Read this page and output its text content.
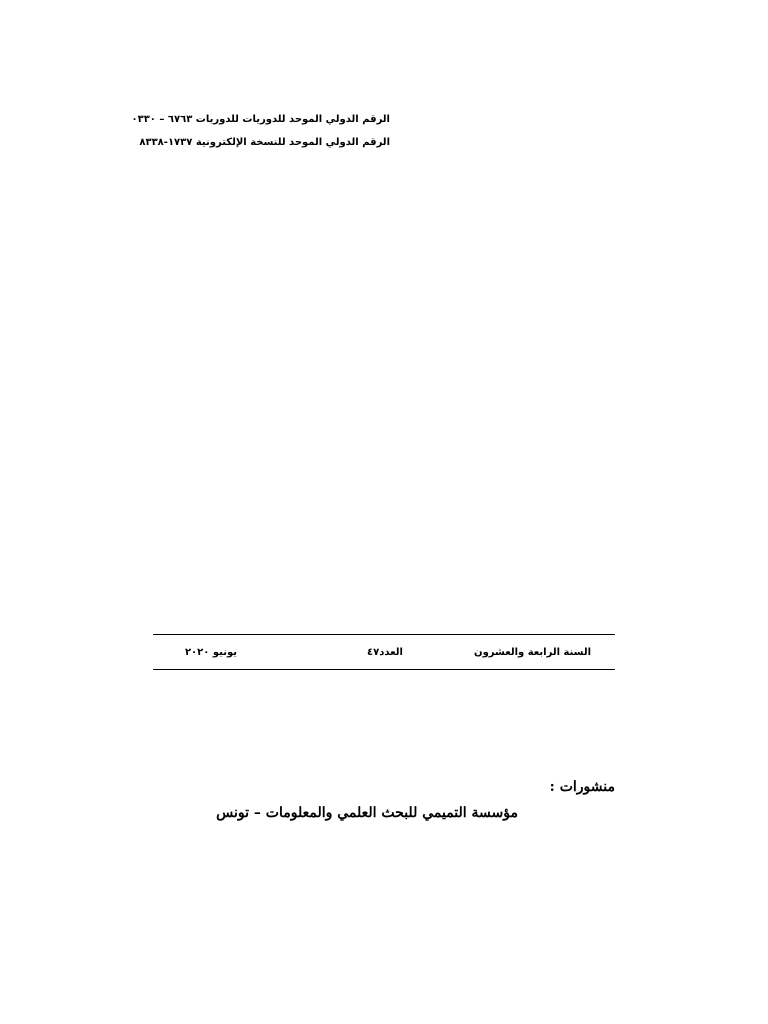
الرقم الدولي الموحد للدوريات للدوريات ٦٧٦٣ – ٠٣٣٠
الرقم الدولي الموحد للنسخة الإلكترونية ١٧٣٧-٨٣٣٨
السنة الرابعة والعشرون
العدد٤٧
يونيو ٢٠٢٠
منشورات :
مؤسسة التميمي للبحث العلمي والمعلومات – تونس
